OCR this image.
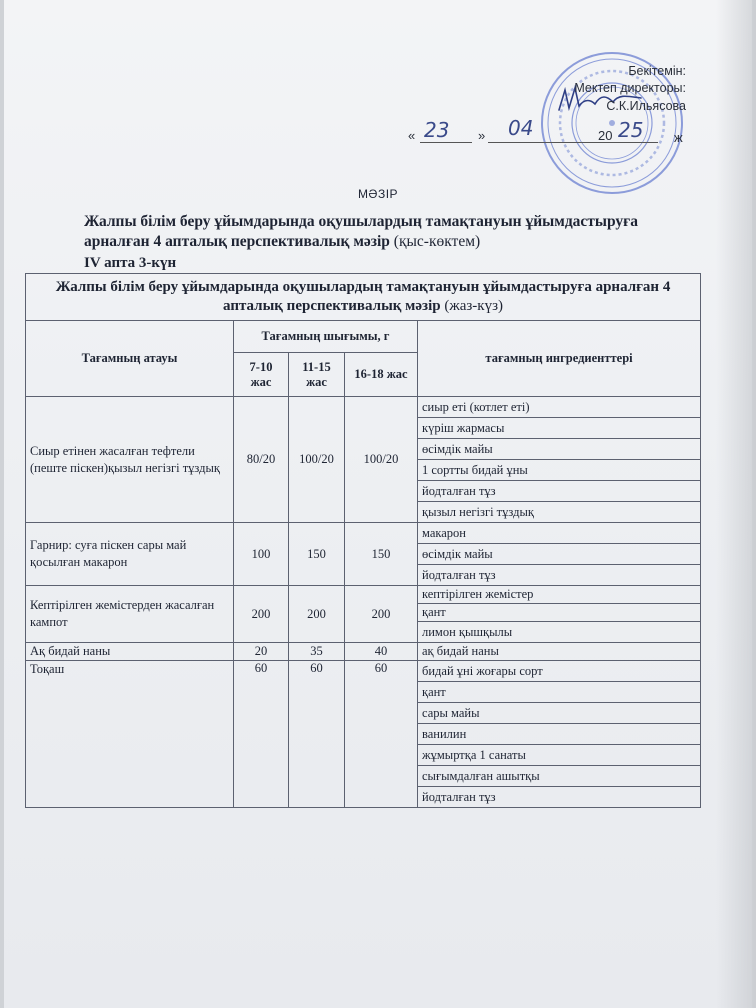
Бекітемін:
Мектеп директоры:
С.К.Ильясова
« 23 » 04	20 25 ж
МӘЗІР
Жалпы білім беру ұйымдарында оқушылардың тамақтануын ұйымдастыруға арналған 4 апталық перспективалық мәзір (қыс-көктем)
IV апта 3-күн
Жалпы білім беру ұйымдарында оқушылардың тамақтануын ұйымдастыруға арналған 4 апталық перспективалық мәзір (жаз-күз)				
Тағамның атауы	Тағамның шығымы, г			тағамның ингредиенттері
	7-10 жас	11-15 жас	16-18 жас	
Сиыр етінен жасалған тефтели (пеште піскен)қызыл негізгі тұздық	80/20	100/20	100/20	сиыр еті (котлет еті)
				күріш жармасы
				өсімдік майы
				1 сортты бидай ұны
				йодталған тұз
				қызыл негізгі тұздық
Гарнир: суға піскен сары май қосылған макарон	100	150	150	макарон
				өсімдік майы
				йодталған тұз
Кептірілген жемістерден жасалған кампот	200	200	200	кептірілген жемістер
				қант
				лимон қышқылы
Ақ бидай наны	20	35	40	ақ бидай наны
Тоқаш	60	60	60	бидай ұні жоғары сорт
				қант
				сары майы
				ванилин
				жұмыртқа 1 санаты
				сығымдалған ашытқы
				йодталған тұз
